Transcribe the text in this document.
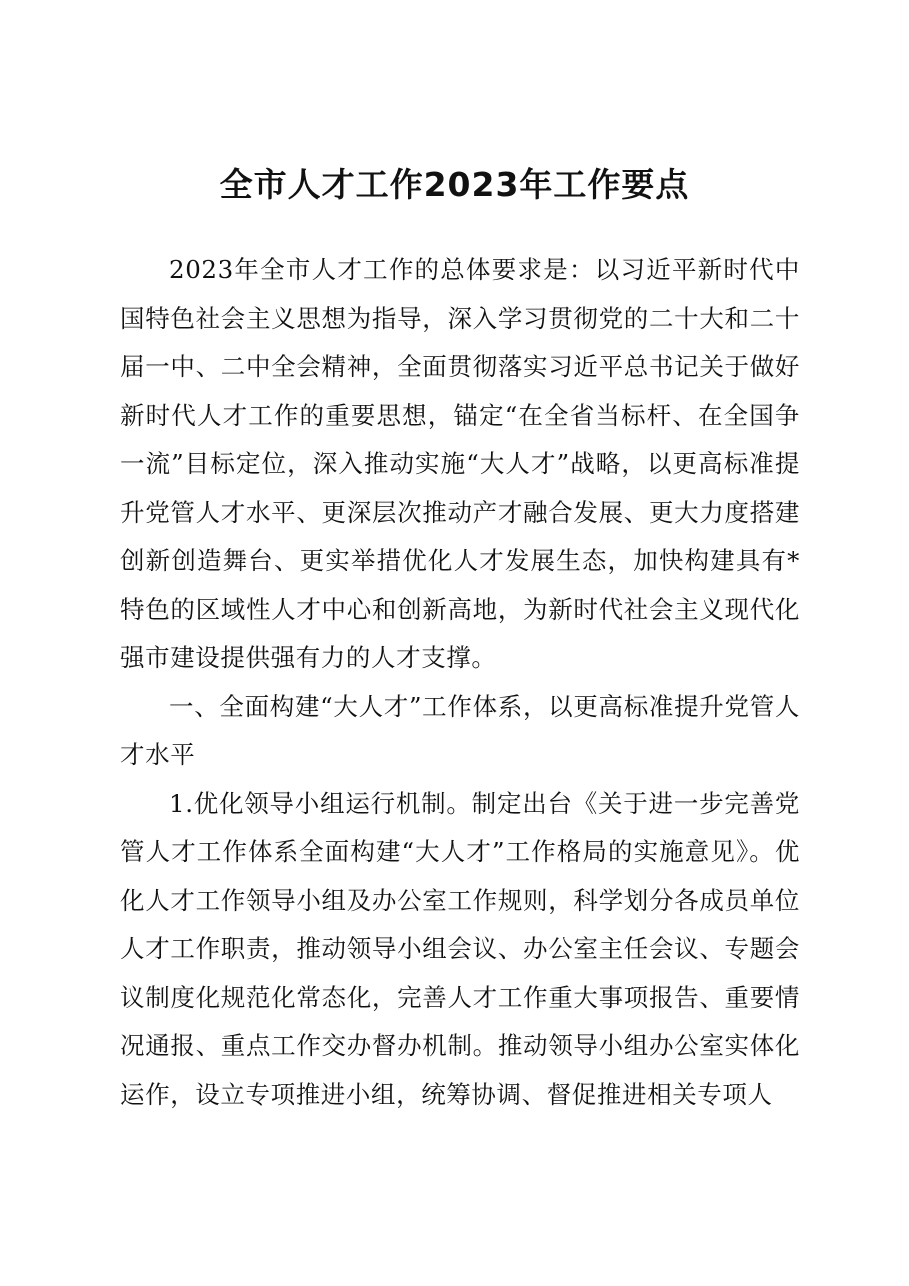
全市人才工作2023年工作要点

2023年全市人才工作的总体要求是：以习近平新时代中国特色社会主义思想为指导，深入学习贯彻党的二十大和二十届一中、二中全会精神，全面贯彻落实习近平总书记关于做好新时代人才工作的重要思想，锚定“在全省当标杆、在全国争一流”目标定位，深入推动实施“大人才”战略，以更高标准提升党管人才水平、更深层次推动产才融合发展、更大力度搭建创新创造舞台、更实举措优化人才发展生态，加快构建具有*特色的区域性人才中心和创新高地，为新时代社会主义现代化强市建设提供强有力的人才支撑。

一、全面构建“大人才”工作体系，以更高标准提升党管人才水平

1.优化领导小组运行机制。制定出台《关于进一步完善党管人才工作体系全面构建“大人才”工作格局的实施意见》。优化人才工作领导小组及办公室工作规则，科学划分各成员单位人才工作职责，推动领导小组会议、办公室主任会议、专题会议制度化规范化常态化，完善人才工作重大事项报告、重要情况通报、重点工作交办督办机制。推动领导小组办公室实体化运作，设立专项推进小组，统筹协调、督促推进相关专项人
